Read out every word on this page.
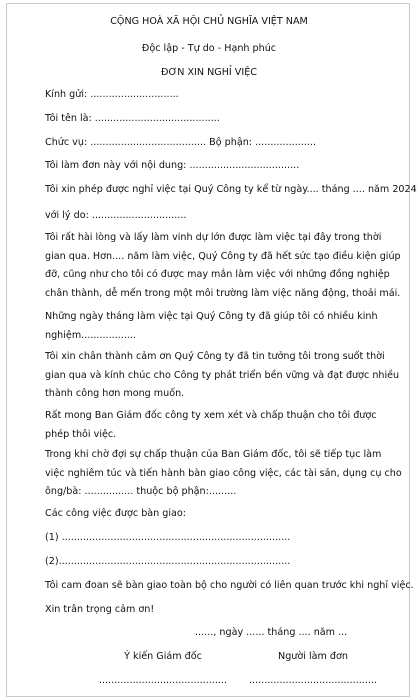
CỘNG HOÀ XÃ HỘI CHỦ NGHĨA VIỆT NAM
Độc lập - Tự do - Hạnh phúc
ĐƠN XIN NGHỈ VIỆC
Kính gửi: .............................
Tôi tên là: .........................................
Chức vụ: ...................................... Bộ phận: ....................
Tôi làm đơn này với nội dung: ....................................
Tôi xin phép được nghỉ việc tại Quý Công ty kể từ ngày.... tháng .... năm 2024
với lý do: ...............................
Tôi rất hài lòng và lấy làm vinh dự lớn được làm việc tại đây trong thời gian qua. Hơn.... năm làm việc, Quý Công ty đã hết sức tạo điều kiện giúp đỡ, cũng như cho tôi có được may mắn làm việc với những đồng nghiệp chân thành, dễ mến trong một môi trường làm việc năng động, thoải mái.
Những ngày tháng làm việc tại Quý Công ty đã giúp tôi có nhiều kinh nghiệm..................
Tôi xin chân thành cảm ơn Quý Công ty đã tin tưởng tôi trong suốt thời gian qua và kính chúc cho Công ty phát triển bền vững và đạt được nhiều thành công hơn mong muốn.
Rất mong Ban Giám đốc công ty xem xét và chấp thuận cho tôi được phép thôi việc.
Trong khi chờ đợi sự chấp thuận của Ban Giám đốc, tôi sẽ tiếp tục làm việc nghiêm túc và tiến hành bàn giao công việc, các tài sản, dụng cụ cho ông/bà: ................ thuộc bộ phận:.........
Các công việc được bàn giao:
(1) ...........................................................................
(2)............................................................................
Tôi cam đoan sẽ bàn giao toàn bộ cho người có liên quan trước khi nghỉ việc.
Xin trân trọng cảm ơn!
......, ngày ...... tháng .... năm ...
Ý kiến Giám đốc	Người làm đơn
..........................................	..........................................
